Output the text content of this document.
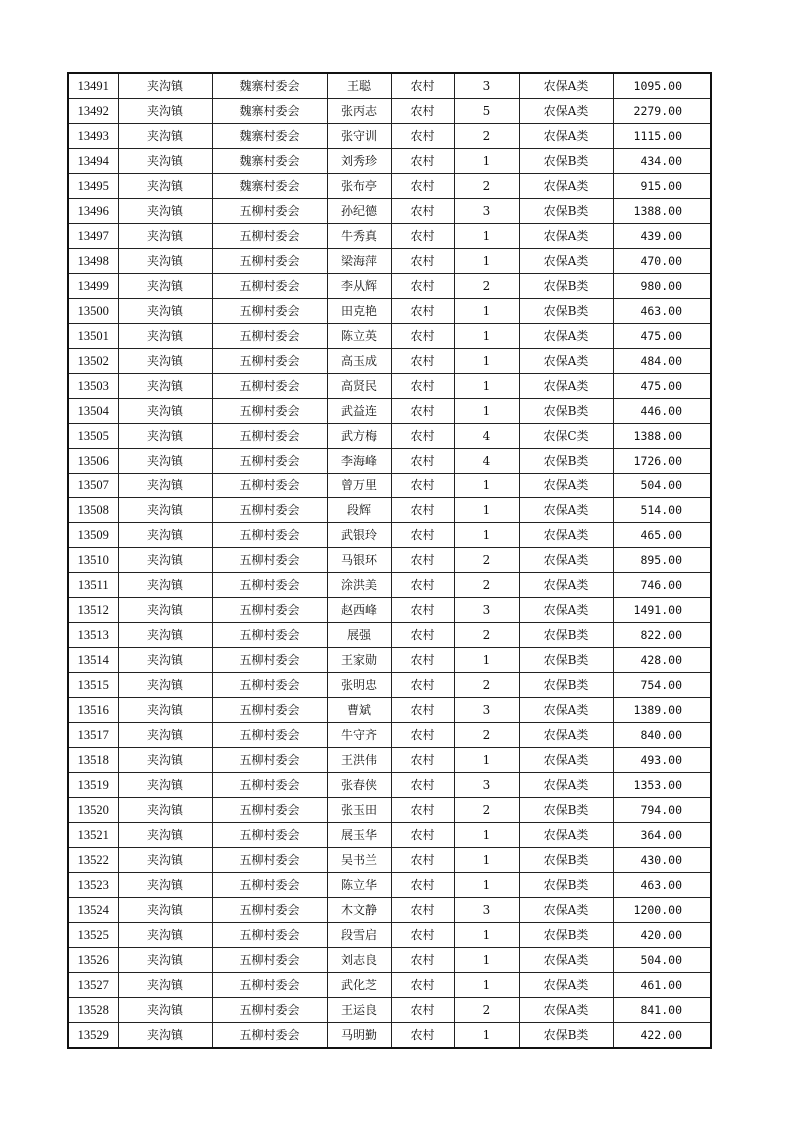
13491	夹沟镇	魏寨村委会	王聪	农村	3	农保A类	1095.00
13492	夹沟镇	魏寨村委会	张丙志	农村	5	农保A类	2279.00
13493	夹沟镇	魏寨村委会	张守训	农村	2	农保A类	1115.00
13494	夹沟镇	魏寨村委会	刘秀珍	农村	1	农保B类	434.00
13495	夹沟镇	魏寨村委会	张布亭	农村	2	农保A类	915.00
13496	夹沟镇	五柳村委会	孙纪德	农村	3	农保B类	1388.00
13497	夹沟镇	五柳村委会	牛秀真	农村	1	农保A类	439.00
13498	夹沟镇	五柳村委会	梁海萍	农村	1	农保A类	470.00
13499	夹沟镇	五柳村委会	李从辉	农村	2	农保B类	980.00
13500	夹沟镇	五柳村委会	田克艳	农村	1	农保B类	463.00
13501	夹沟镇	五柳村委会	陈立英	农村	1	农保A类	475.00
13502	夹沟镇	五柳村委会	高玉成	农村	1	农保A类	484.00
13503	夹沟镇	五柳村委会	高贤民	农村	1	农保A类	475.00
13504	夹沟镇	五柳村委会	武益连	农村	1	农保B类	446.00
13505	夹沟镇	五柳村委会	武方梅	农村	4	农保C类	1388.00
13506	夹沟镇	五柳村委会	李海峰	农村	4	农保B类	1726.00
13507	夹沟镇	五柳村委会	曾万里	农村	1	农保A类	504.00
13508	夹沟镇	五柳村委会	段辉	农村	1	农保A类	514.00
13509	夹沟镇	五柳村委会	武银玲	农村	1	农保A类	465.00
13510	夹沟镇	五柳村委会	马银环	农村	2	农保A类	895.00
13511	夹沟镇	五柳村委会	涂洪美	农村	2	农保A类	746.00
13512	夹沟镇	五柳村委会	赵西峰	农村	3	农保A类	1491.00
13513	夹沟镇	五柳村委会	展强	农村	2	农保B类	822.00
13514	夹沟镇	五柳村委会	王家勋	农村	1	农保B类	428.00
13515	夹沟镇	五柳村委会	张明忠	农村	2	农保B类	754.00
13516	夹沟镇	五柳村委会	曹斌	农村	3	农保A类	1389.00
13517	夹沟镇	五柳村委会	牛守齐	农村	2	农保A类	840.00
13518	夹沟镇	五柳村委会	王洪伟	农村	1	农保A类	493.00
13519	夹沟镇	五柳村委会	张春侠	农村	3	农保A类	1353.00
13520	夹沟镇	五柳村委会	张玉田	农村	2	农保B类	794.00
13521	夹沟镇	五柳村委会	展玉华	农村	1	农保A类	364.00
13522	夹沟镇	五柳村委会	吴书兰	农村	1	农保B类	430.00
13523	夹沟镇	五柳村委会	陈立华	农村	1	农保B类	463.00
13524	夹沟镇	五柳村委会	木文静	农村	3	农保A类	1200.00
13525	夹沟镇	五柳村委会	段雪启	农村	1	农保B类	420.00
13526	夹沟镇	五柳村委会	刘志良	农村	1	农保A类	504.00
13527	夹沟镇	五柳村委会	武化芝	农村	1	农保A类	461.00
13528	夹沟镇	五柳村委会	王运良	农村	2	农保A类	841.00
13529	夹沟镇	五柳村委会	马明勤	农村	1	农保B类	422.00
